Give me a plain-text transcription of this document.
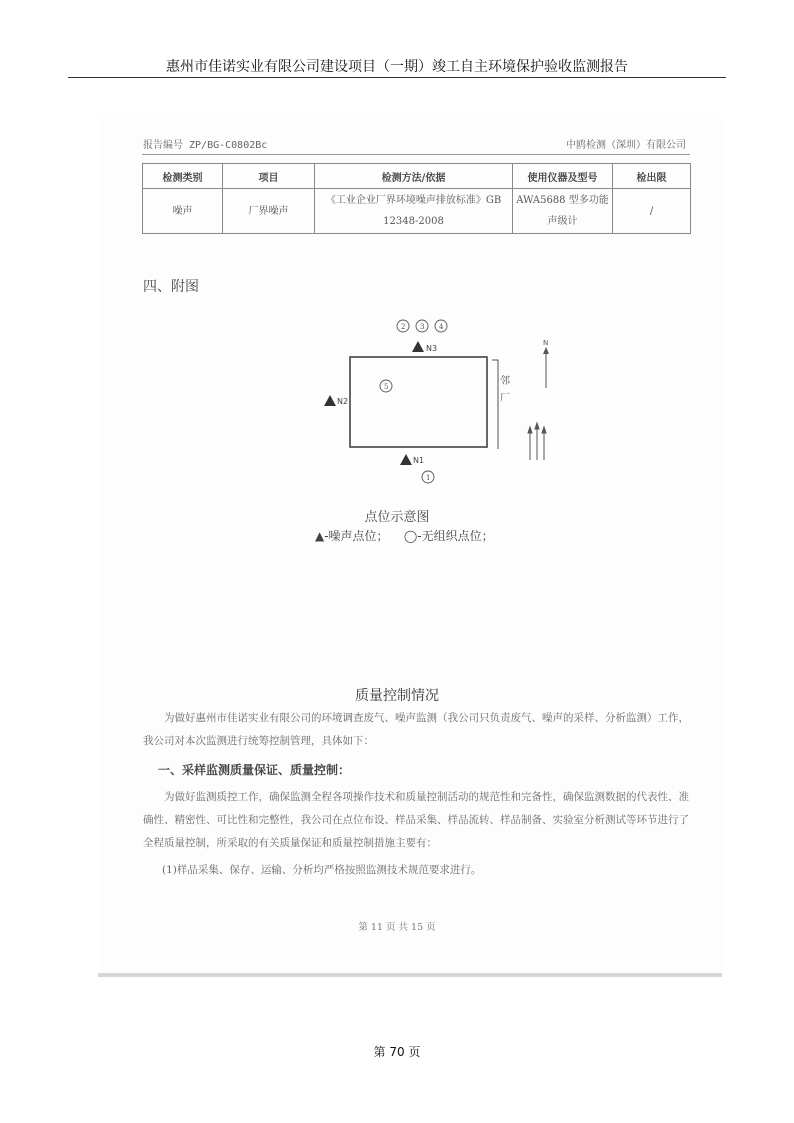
惠州市佳诺实业有限公司建设项目（一期）竣工自主环境保护验收监测报告
报告编号 ZP/BG-C0802Bc	中鸥检测（深圳）有限公司
检测类别	项目	检测方法/依据	使用仪器及型号	检出限
噪声	厂界噪声	《工业企业厂界环境噪声排放标准》GB 12348-2008	AWA5688 型多功能声级计	/
四、附图
邻
厂
2 3 4
5
1
N3
N2
N1
N
点位示意图
▲-噪声点位； ◯-无组织点位；
质量控制情况
为做好惠州市佳诺实业有限公司的环境调查废气、噪声监测（我公司只负责废气、噪声的采样、分析监测）工作，我公司对本次监测进行统筹控制管理，具体如下：
一、采样监测质量保证、质量控制：
为做好监测质控工作，确保监测全程各项操作技术和质量控制活动的规范性和完备性，确保监测数据的代表性、准确性、精密性、可比性和完整性，我公司在点位布设、样品采集、样品流转、样品制备、实验室分析测试等环节进行了全程质量控制，所采取的有关质量保证和质量控制措施主要有：
(1)样品采集、保存、运输、分析均严格按照监测技术规范要求进行。
第 11 页 共 15 页
第 70 页
